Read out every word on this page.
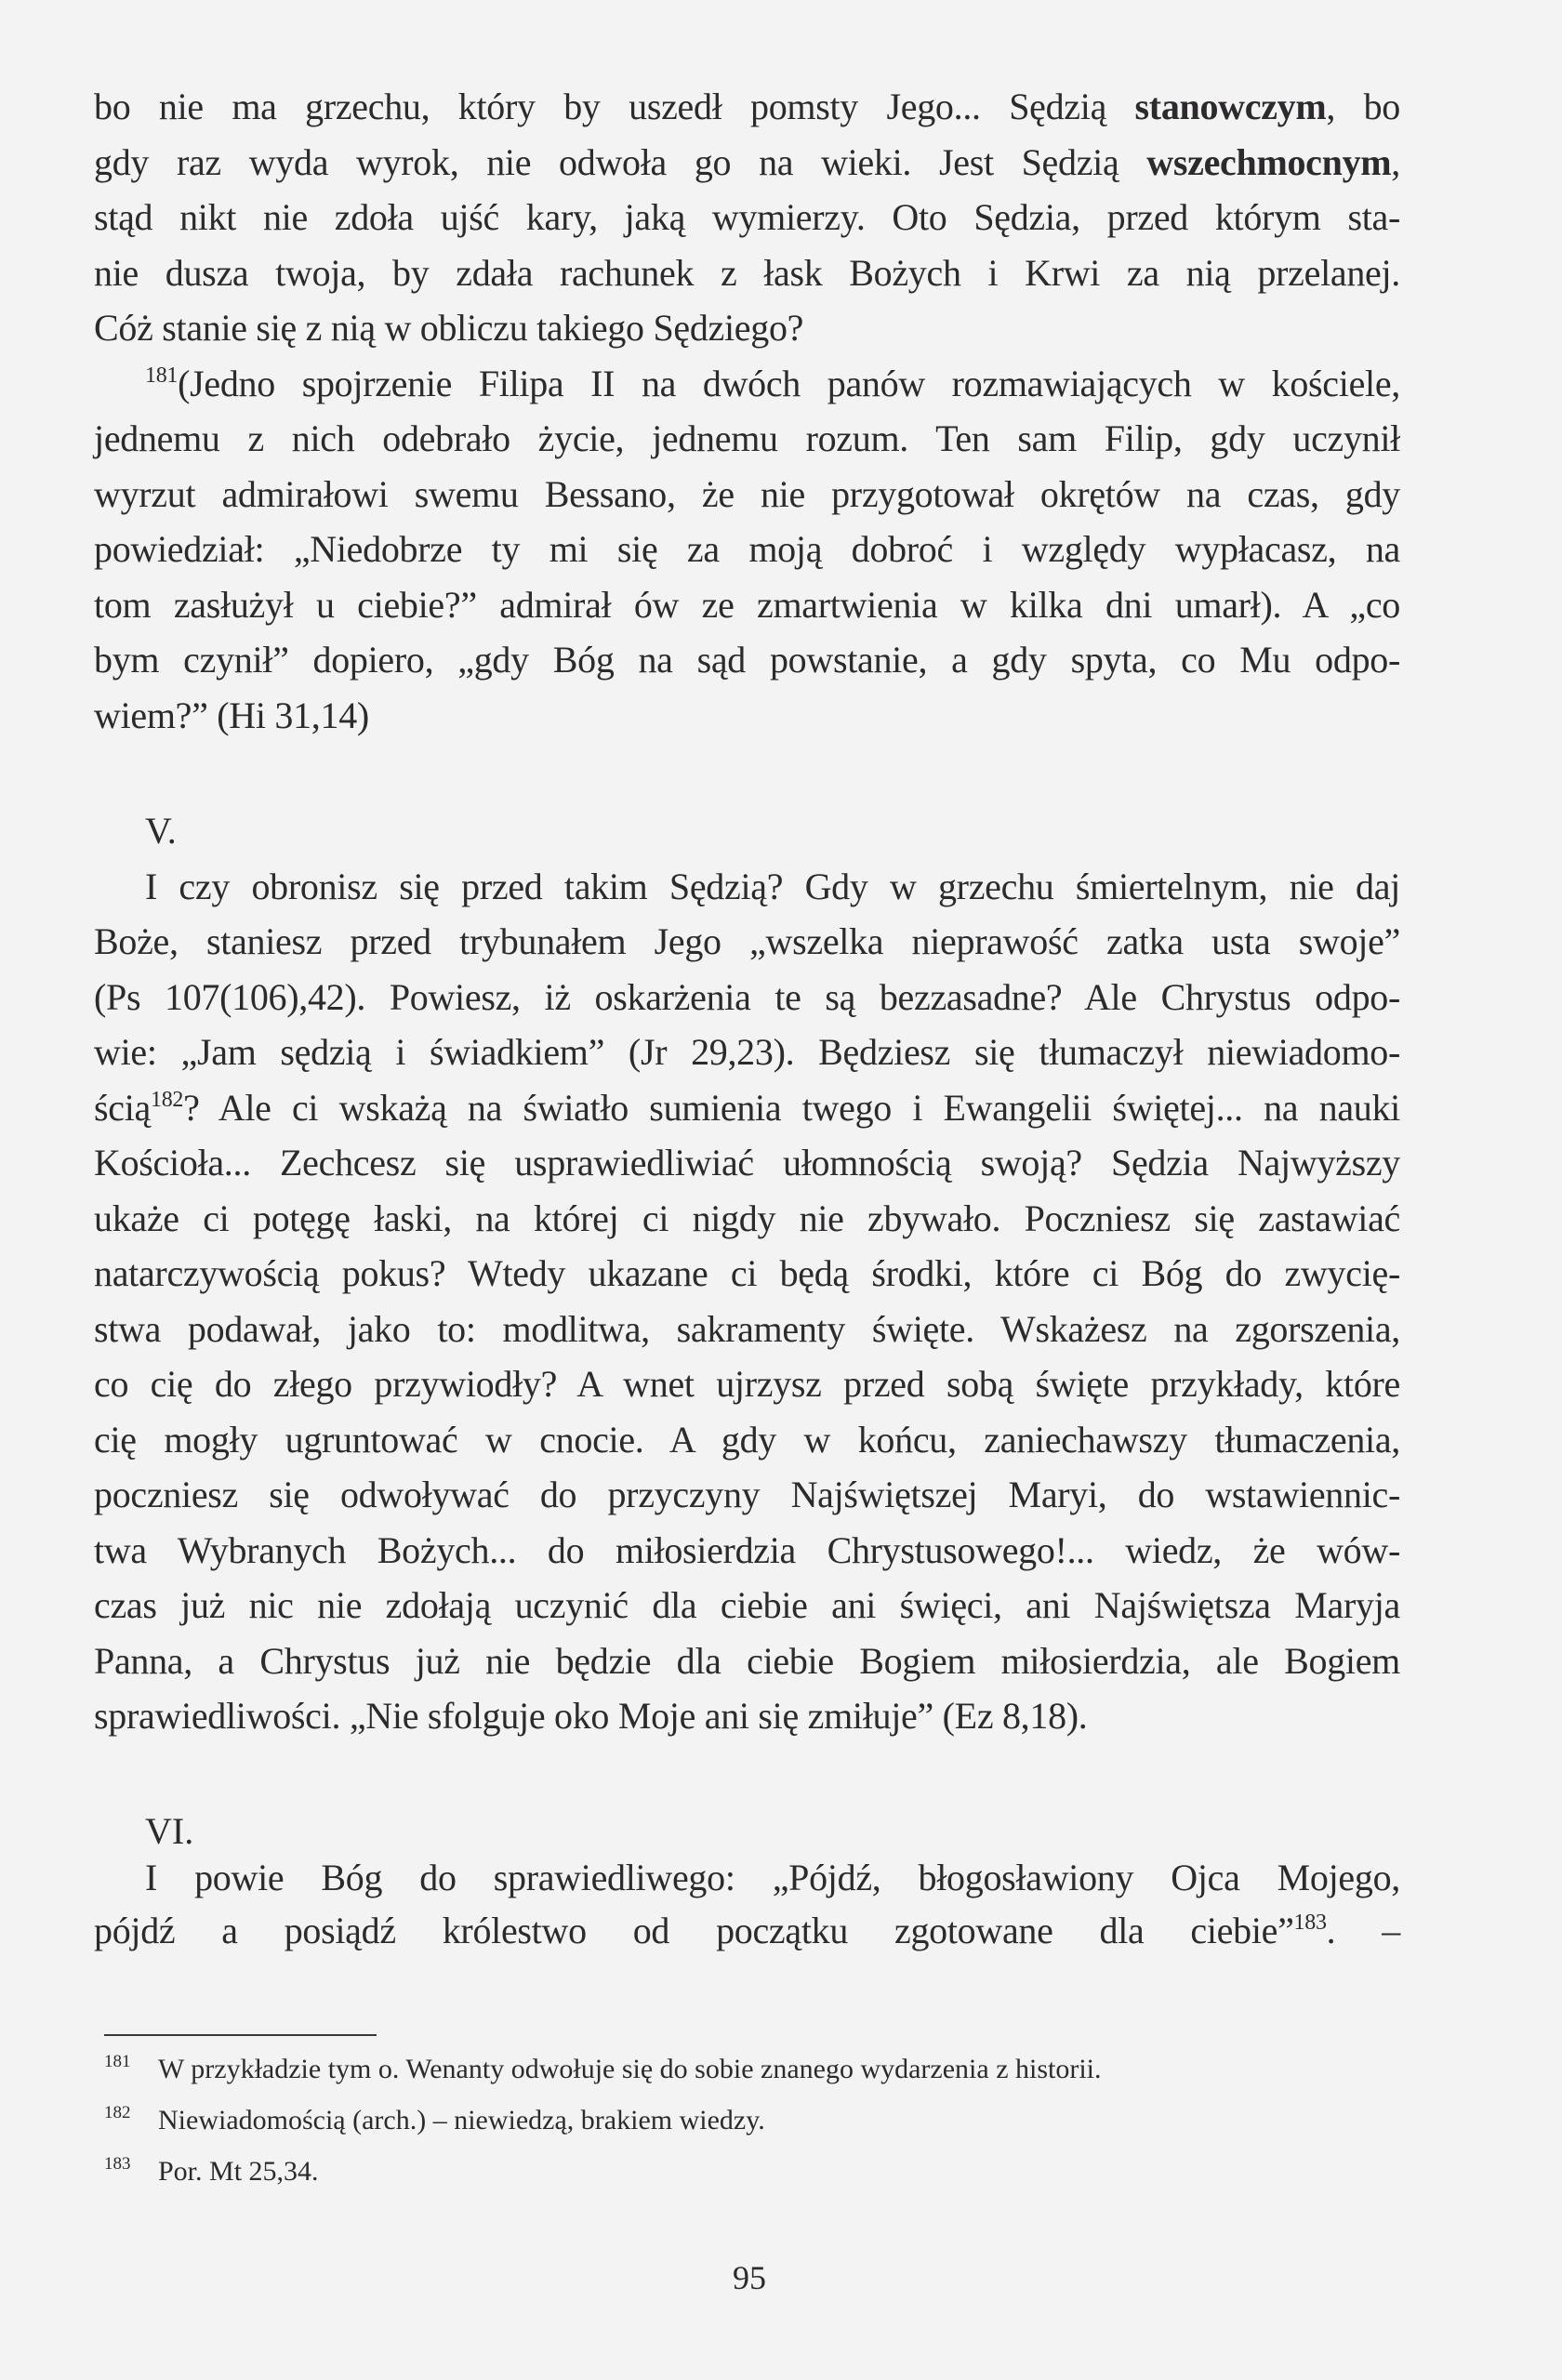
bo nie ma grzechu, który by uszedł pomsty Jego... Sędzią stanowczym, bo
gdy raz wyda wyrok, nie odwoła go na wieki. Jest Sędzią wszechmocnym,
stąd nikt nie zdoła ujść kary, jaką wymierzy. Oto Sędzia, przed którym sta-
nie dusza twoja, by zdała rachunek z łask Bożych i Krwi za nią przelanej.
Cóż stanie się z nią w obliczu takiego Sędziego?
$^{181}$(Jedno spojrzenie Filipa II na dwóch panów rozmawiających w kościele,
jednemu z nich odebrało życie, jednemu rozum. Ten sam Filip, gdy uczynił
wyrzut admirałowi swemu Bessano, że nie przygotował okrętów na czas, gdy
powiedział: „Niedobrze ty mi się za moją dobroć i względy wypłacasz, na
tom zasłużył u ciebie?” admirał ów ze zmartwienia w kilka dni umarł). A „co
bym czynił” dopiero, „gdy Bóg na sąd powstanie, a gdy spyta, co Mu odpo-
wiem?” (Hi 31,14)
V.
I czy obronisz się przed takim Sędzią? Gdy w grzechu śmiertelnym, nie daj
Boże, staniesz przed trybunałem Jego „wszelka nieprawość zatka usta swoje”
(Ps 107(106),42). Powiesz, iż oskarżenia te są bezzasadne? Ale Chrystus odpo-
wie: „Jam sędzią i świadkiem” (Jr 29,23). Będziesz się tłumaczył niewiadomo-
ścią$^{182}$? Ale ci wskażą na światło sumienia twego i Ewangelii świętej... na nauki
Kościoła... Zechcesz się usprawiedliwiać ułomnością swoją? Sędzia Najwyższy
ukaże ci potęgę łaski, na której ci nigdy nie zbywało. Poczniesz się zastawiać
natarczywością pokus? Wtedy ukazane ci będą środki, które ci Bóg do zwycię-
stwa podawał, jako to: modlitwa, sakramenty święte. Wskażesz na zgorszenia,
co cię do złego przywiodły? A wnet ujrzysz przed sobą święte przykłady, które
cię mogły ugruntować w cnocie. A gdy w końcu, zaniechawszy tłumaczenia,
poczniesz się odwoływać do przyczyny Najświętszej Maryi, do wstawiennic-
twa Wybranych Bożych... do miłosierdzia Chrystusowego!... wiedz, że wów-
czas już nic nie zdołają uczynić dla ciebie ani święci, ani Najświętsza Maryja
Panna, a Chrystus już nie będzie dla ciebie Bogiem miłosierdzia, ale Bogiem
sprawiedliwości. „Nie sfolguje oko Moje ani się zmiłuje” (Ez 8,18).
VI.
I powie Bóg do sprawiedliwego: „Pójdź, błogosławiony Ojca Mojego,
pójdź a posiądź królestwo od początku zgotowane dla ciebie”$^{183}$. –
181 W przykładzie tym o. Wenanty odwołuje się do sobie znanego wydarzenia z historii.
182 Niewiadomością (arch.) – niewiedzą, brakiem wiedzy.
183 Por. Mt 25,34.
95
